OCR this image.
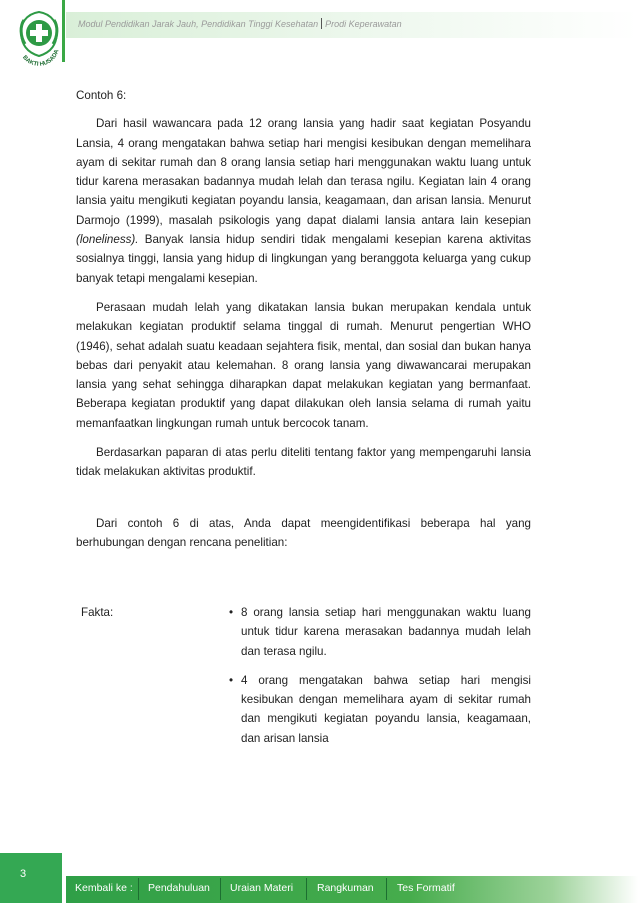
Modul Pendidikan Jarak Jauh, Pendidikan Tinggi Kesehatan Prodi Keperawatan
BAKTI HUSADA

Contoh 6:

Dari hasil wawancara pada 12 orang lansia yang hadir saat kegiatan Posyandu Lansia, 4 orang mengatakan bahwa setiap hari mengisi kesibukan dengan memelihara ayam di sekitar rumah dan 8 orang lansia setiap hari menggunakan waktu luang untuk tidur karena merasakan badannya mudah lelah dan terasa ngilu. Kegiatan lain 4 orang lansia yaitu mengikuti kegiatan poyandu lansia, keagamaan, dan arisan lansia. Menurut Darmojo (1999), masalah psikologis yang dapat dialami lansia antara lain kesepian (loneliness). Banyak lansia hidup sendiri tidak mengalami kesepian karena aktivitas sosialnya tinggi, lansia yang hidup di lingkungan yang beranggota keluarga yang cukup banyak tetapi mengalami kesepian.

Perasaan mudah lelah yang dikatakan lansia bukan merupakan kendala untuk melakukan kegiatan produktif selama tinggal di rumah. Menurut pengertian WHO (1946), sehat adalah suatu keadaan sejahtera fisik, mental, dan sosial dan bukan hanya bebas dari penyakit atau kelemahan. 8 orang lansia yang diwawancarai merupakan lansia yang sehat sehingga diharapkan dapat melakukan kegiatan yang bermanfaat. Beberapa kegiatan produktif yang dapat dilakukan oleh lansia selama di rumah yaitu memanfaatkan lingkungan rumah untuk bercocok tanam.

Berdasarkan paparan di atas perlu diteliti tentang faktor yang mempengaruhi lansia tidak melakukan aktivitas produktif.

Dari contoh 6 di atas, Anda dapat meengidentifikasi beberapa hal yang berhubungan dengan rencana penelitian:

Fakta:	• 8 orang lansia setiap hari menggunakan waktu luang untuk tidur karena merasakan badannya mudah lelah dan terasa ngilu.
• 4 orang mengatakan bahwa setiap hari mengisi kesibukan dengan memelihara ayam di sekitar rumah dan mengikuti kegiatan poyandu lansia, keagamaan, dan arisan lansia
3
Kembali ke : Pendahuluan Uraian Materi Rangkuman Tes Formatif
